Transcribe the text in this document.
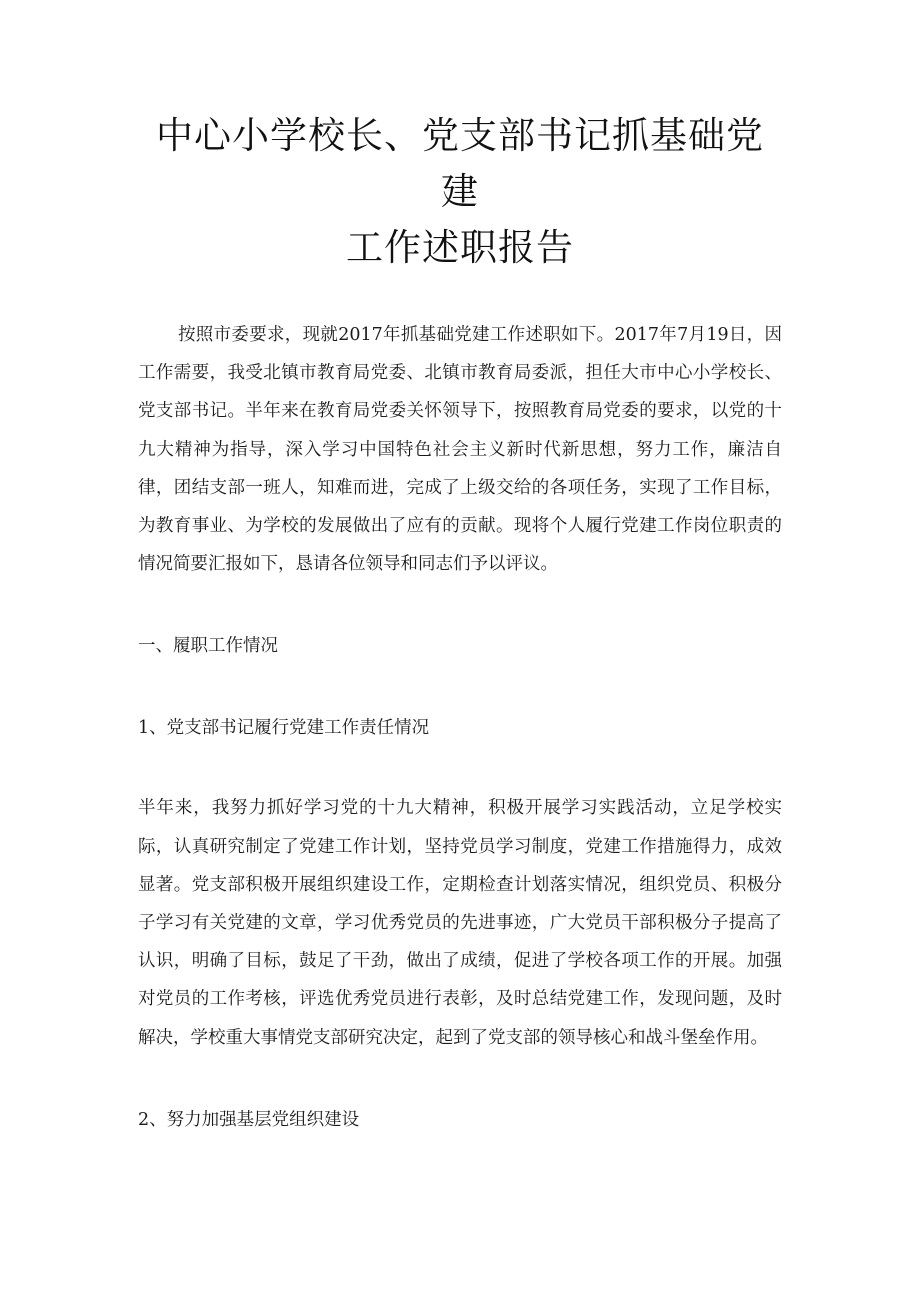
中心小学校长、党支部书记抓基础党建
工作述职报告

按照市委要求，现就2017年抓基础党建工作述职如下。2017年7月19日，因工作需要，我受北镇市教育局党委、北镇市教育局委派，担任大市中心小学校长、党支部书记。半年来在教育局党委关怀领导下，按照教育局党委的要求，以党的十九大精神为指导，深入学习中国特色社会主义新时代新思想，努力工作，廉洁自律，团结支部一班人，知难而进，完成了上级交给的各项任务，实现了工作目标，为教育事业、为学校的发展做出了应有的贡献。现将个人履行党建工作岗位职责的情况简要汇报如下，恳请各位领导和同志们予以评议。

一、履职工作情况

1、党支部书记履行党建工作责任情况

半年来，我努力抓好学习党的十九大精神，积极开展学习实践活动，立足学校实际，认真研究制定了党建工作计划，坚持党员学习制度，党建工作措施得力，成效显著。党支部积极开展组织建设工作，定期检查计划落实情况，组织党员、积极分子学习有关党建的文章，学习优秀党员的先进事迹，广大党员干部积极分子提高了认识，明确了目标，鼓足了干劲，做出了成绩，促进了学校各项工作的开展。加强对党员的工作考核，评选优秀党员进行表彰，及时总结党建工作，发现问题，及时解决，学校重大事情党支部研究决定，起到了党支部的领导核心和战斗堡垒作用。

2、努力加强基层党组织建设
